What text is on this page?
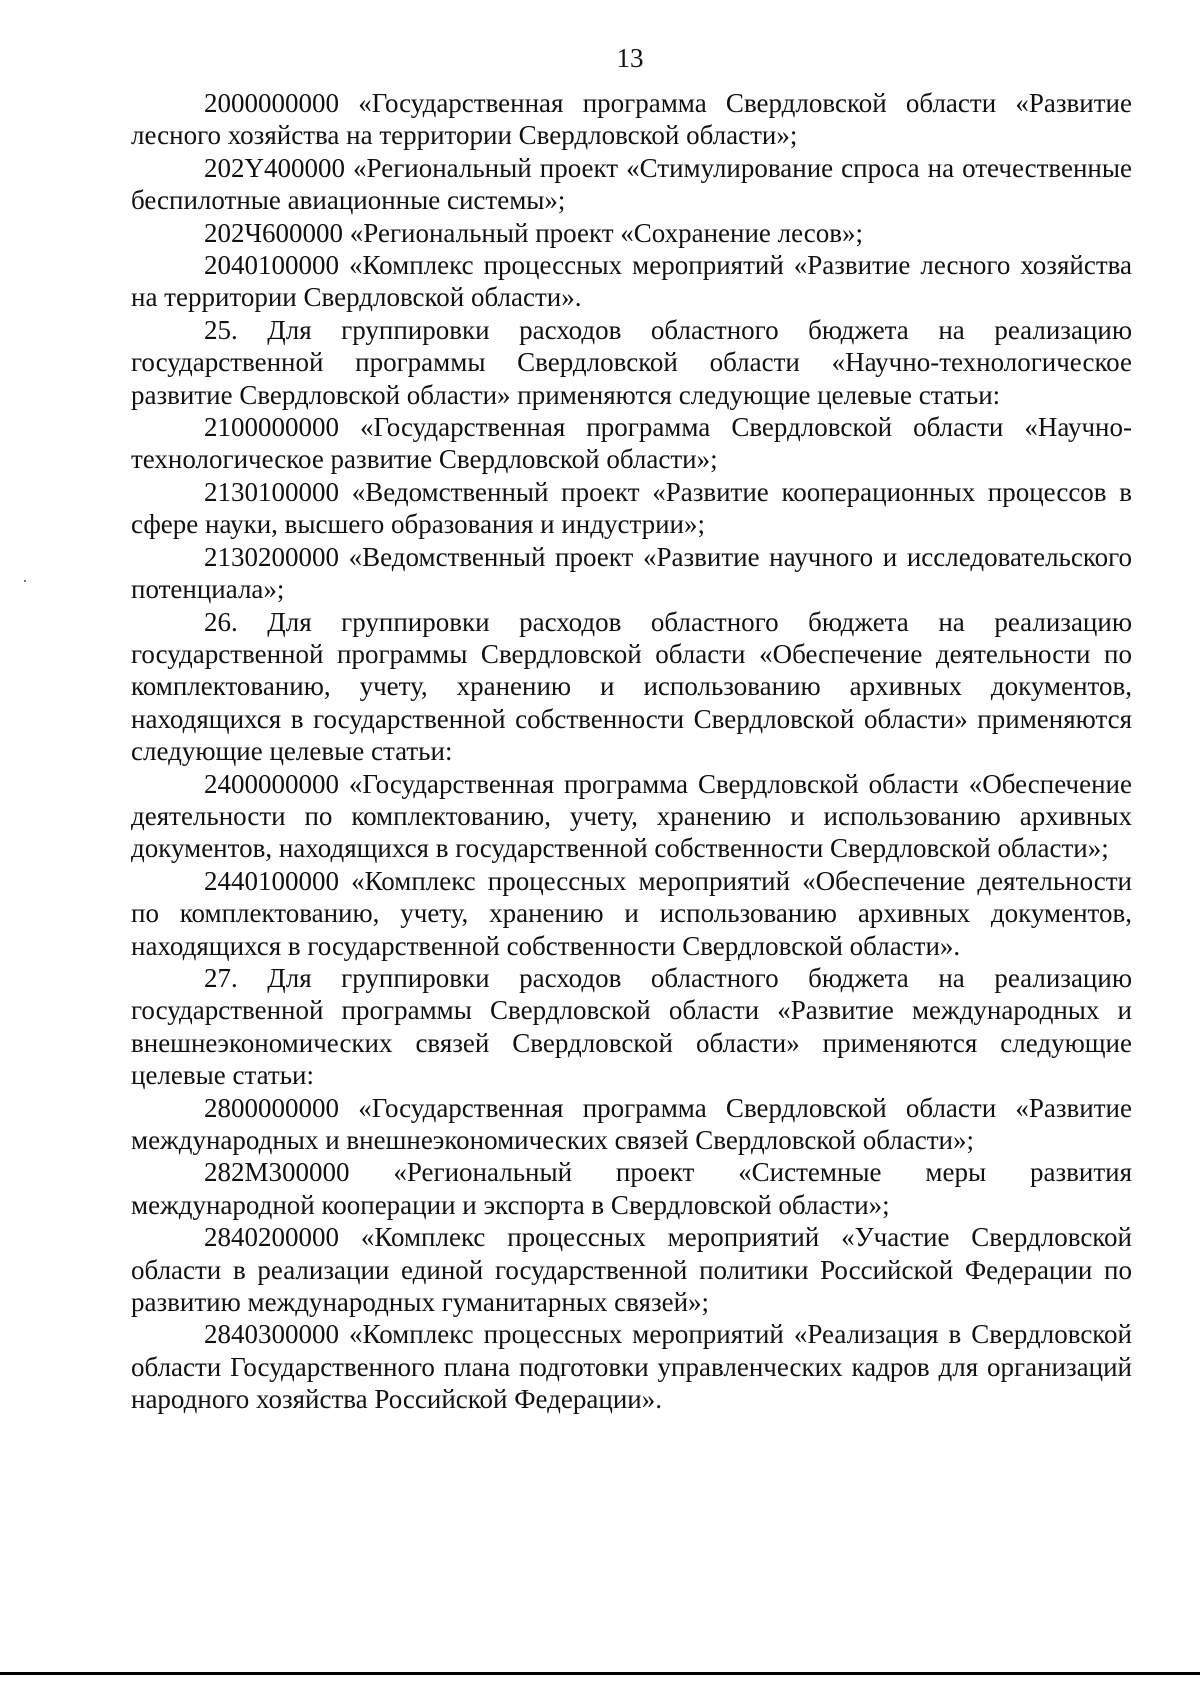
13

2000000000 «Государственная программа Свердловской области «Развитие лесного хозяйства на территории Свердловской области»;

202Y400000 «Региональный проект «Стимулирование спроса на отечественные беспилотные авиационные системы»;

202Ч600000 «Региональный проект «Сохранение лесов»;

2040100000 «Комплекс процессных мероприятий «Развитие лесного хозяйства на территории Свердловской области».

25. Для группировки расходов областного бюджета на реализацию государственной программы Свердловской области «Научно-технологическое развитие Свердловской области» применяются следующие целевые статьи:

2100000000 «Государственная программа Свердловской области «Научно-технологическое развитие Свердловской области»;

2130100000 «Ведомственный проект «Развитие кооперационных процессов в сфере науки, высшего образования и индустрии»;

2130200000 «Ведомственный проект «Развитие научного и исследовательского потенциала»;

26. Для группировки расходов областного бюджета на реализацию государственной программы Свердловской области «Обеспечение деятельности по комплектованию, учету, хранению и использованию архивных документов, находящихся в государственной собственности Свердловской области» применяются следующие целевые статьи:

2400000000 «Государственная программа Свердловской области «Обеспечение деятельности по комплектованию, учету, хранению и использованию архивных документов, находящихся в государственной собственности Свердловской области»;

2440100000 «Комплекс процессных мероприятий «Обеспечение деятельности по комплектованию, учету, хранению и использованию архивных документов, находящихся в государственной собственности Свердловской области».

27. Для группировки расходов областного бюджета на реализацию государственной программы Свердловской области «Развитие международных и внешнеэкономических связей Свердловской области» применяются следующие целевые статьи:

2800000000 «Государственная программа Свердловской области «Развитие международных и внешнеэкономических связей Свердловской области»;

282М300000 «Региональный проект «Системные меры развития международной кооперации и экспорта в Свердловской области»;

2840200000 «Комплекс процессных мероприятий «Участие Свердловской области в реализации единой государственной политики Российской Федерации по развитию международных гуманитарных связей»;

2840300000 «Комплекс процессных мероприятий «Реализация в Свердловской области Государственного плана подготовки управленческих кадров для организаций народного хозяйства Российской Федерации».
